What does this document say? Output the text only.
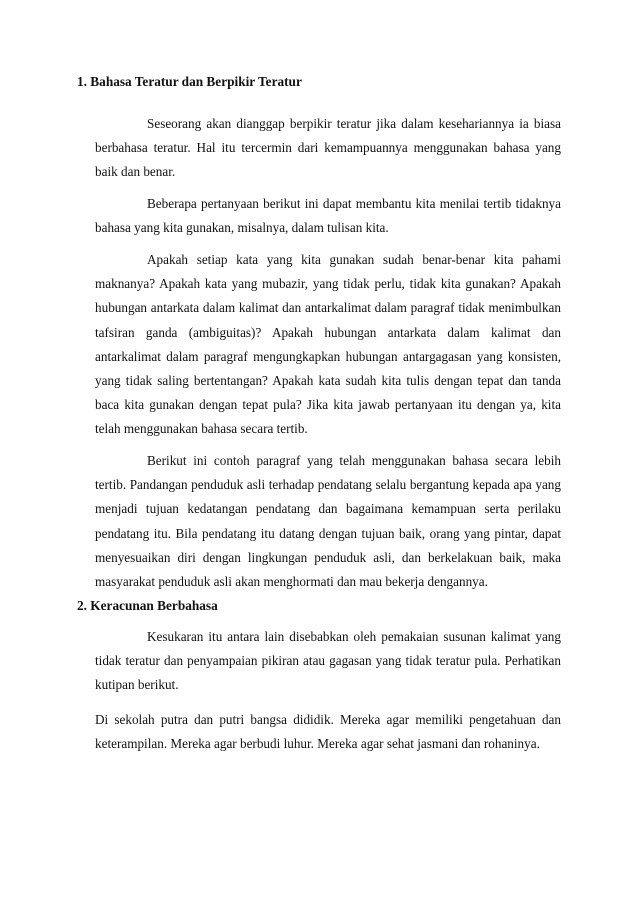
1. Bahasa Teratur dan Berpikir Teratur

Seseorang akan dianggap berpikir teratur jika dalam kesehariannya ia biasa berbahasa teratur. Hal itu tercermin dari kemampuannya menggunakan bahasa yang baik dan benar.

Beberapa pertanyaan berikut ini dapat membantu kita menilai tertib tidaknya bahasa yang kita gunakan, misalnya, dalam tulisan kita.

Apakah setiap kata yang kita gunakan sudah benar-benar kita pahami maknanya? Apakah kata yang mubazir, yang tidak perlu, tidak kita gunakan? Apakah hubungan antarkata dalam kalimat dan antarkalimat dalam paragraf tidak menimbulkan tafsiran ganda (ambiguitas)? Apakah hubungan antarkata dalam kalimat dan antarkalimat dalam paragraf mengungkapkan hubungan antargagasan yang konsisten, yang tidak saling bertentangan? Apakah kata sudah kita tulis dengan tepat dan tanda baca kita gunakan dengan tepat pula? Jika kita jawab pertanyaan itu dengan ya, kita telah menggunakan bahasa secara tertib.

Berikut ini contoh paragraf yang telah menggunakan bahasa secara lebih tertib. Pandangan penduduk asli terhadap pendatang selalu bergantung kepada apa yang menjadi tujuan kedatangan pendatang dan bagaimana kemampuan serta perilaku pendatang itu. Bila pendatang itu datang dengan tujuan baik, orang yang pintar, dapat menyesuaikan diri dengan lingkungan penduduk asli, dan berkelakuan baik, maka masyarakat penduduk asli akan menghormati dan mau bekerja dengannya.

2. Keracunan Berbahasa

Kesukaran itu antara lain disebabkan oleh pemakaian susunan kalimat yang tidak teratur dan penyampaian pikiran atau gagasan yang tidak teratur pula. Perhatikan kutipan berikut.

Di sekolah putra dan putri bangsa dididik. Mereka agar memiliki pengetahuan dan keterampilan. Mereka agar berbudi luhur. Mereka agar sehat jasmani dan rohaninya.
